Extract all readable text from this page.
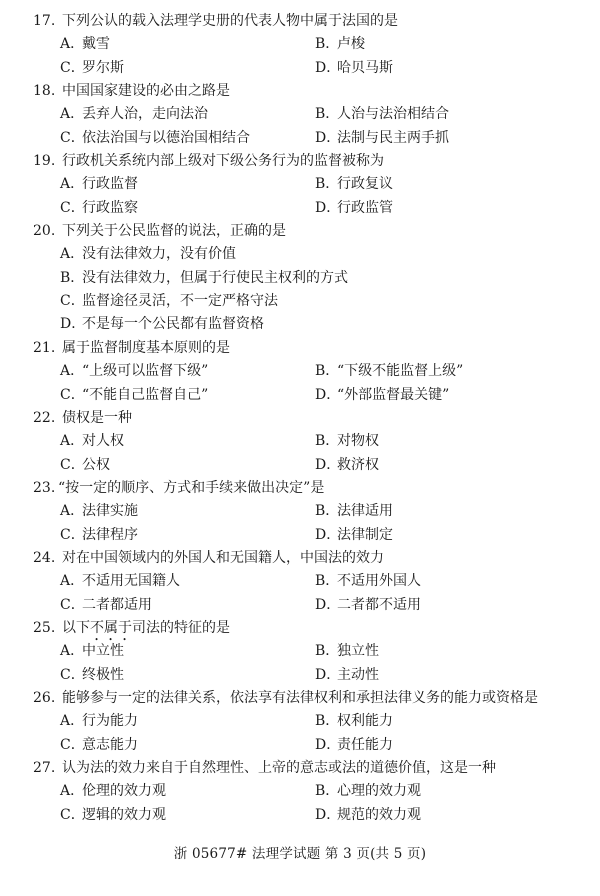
17. 下列公认的载入法理学史册的代表人物中属于法国的是
A．戴雪	B．卢梭
C．罗尔斯	D．哈贝马斯
18. 中国国家建设的必由之路是
A．丢弃人治，走向法治	B．人治与法治相结合
C．依法治国与以德治国相结合	D．法制与民主两手抓
19. 行政机关系统内部上级对下级公务行为的监督被称为
A．行政监督	B．行政复议
C．行政监察	D．行政监管
20. 下列关于公民监督的说法，正确的是
A．没有法律效力，没有价值
B．没有法律效力，但属于行使民主权利的方式
C．监督途径灵活，不一定严格守法
D．不是每一个公民都有监督资格
21. 属于监督制度基本原则的是
A．“上级可以监督下级”	B．“下级不能监督上级”
C．“不能自己监督自己”	D．“外部监督最关键”
22. 债权是一种
A．对人权	B．对物权
C．公权	D．救济权
23. “按一定的顺序、方式和手续来做出决定”是
A．法律实施	B．法律适用
C．法律程序	D．法律制定
24. 对在中国领域内的外国人和无国籍人，中国法的效力
A．不适用无国籍人	B．不适用外国人
C．二者都适用	D．二者都不适用
25. 以下不属于司法的特征的是
A．中立性	B．独立性
C．终极性	D．主动性
26. 能够参与一定的法律关系，依法享有法律权利和承担法律义务的能力或资格是
A．行为能力	B．权利能力
C．意志能力	D．责任能力
27. 认为法的效力来自于自然理性、上帝的意志或法的道德价值，这是一种
A．伦理的效力观	B．心理的效力观
C．逻辑的效力观	D．规范的效力观
浙 05677# 法理学试题 第 3 页(共 5 页)
